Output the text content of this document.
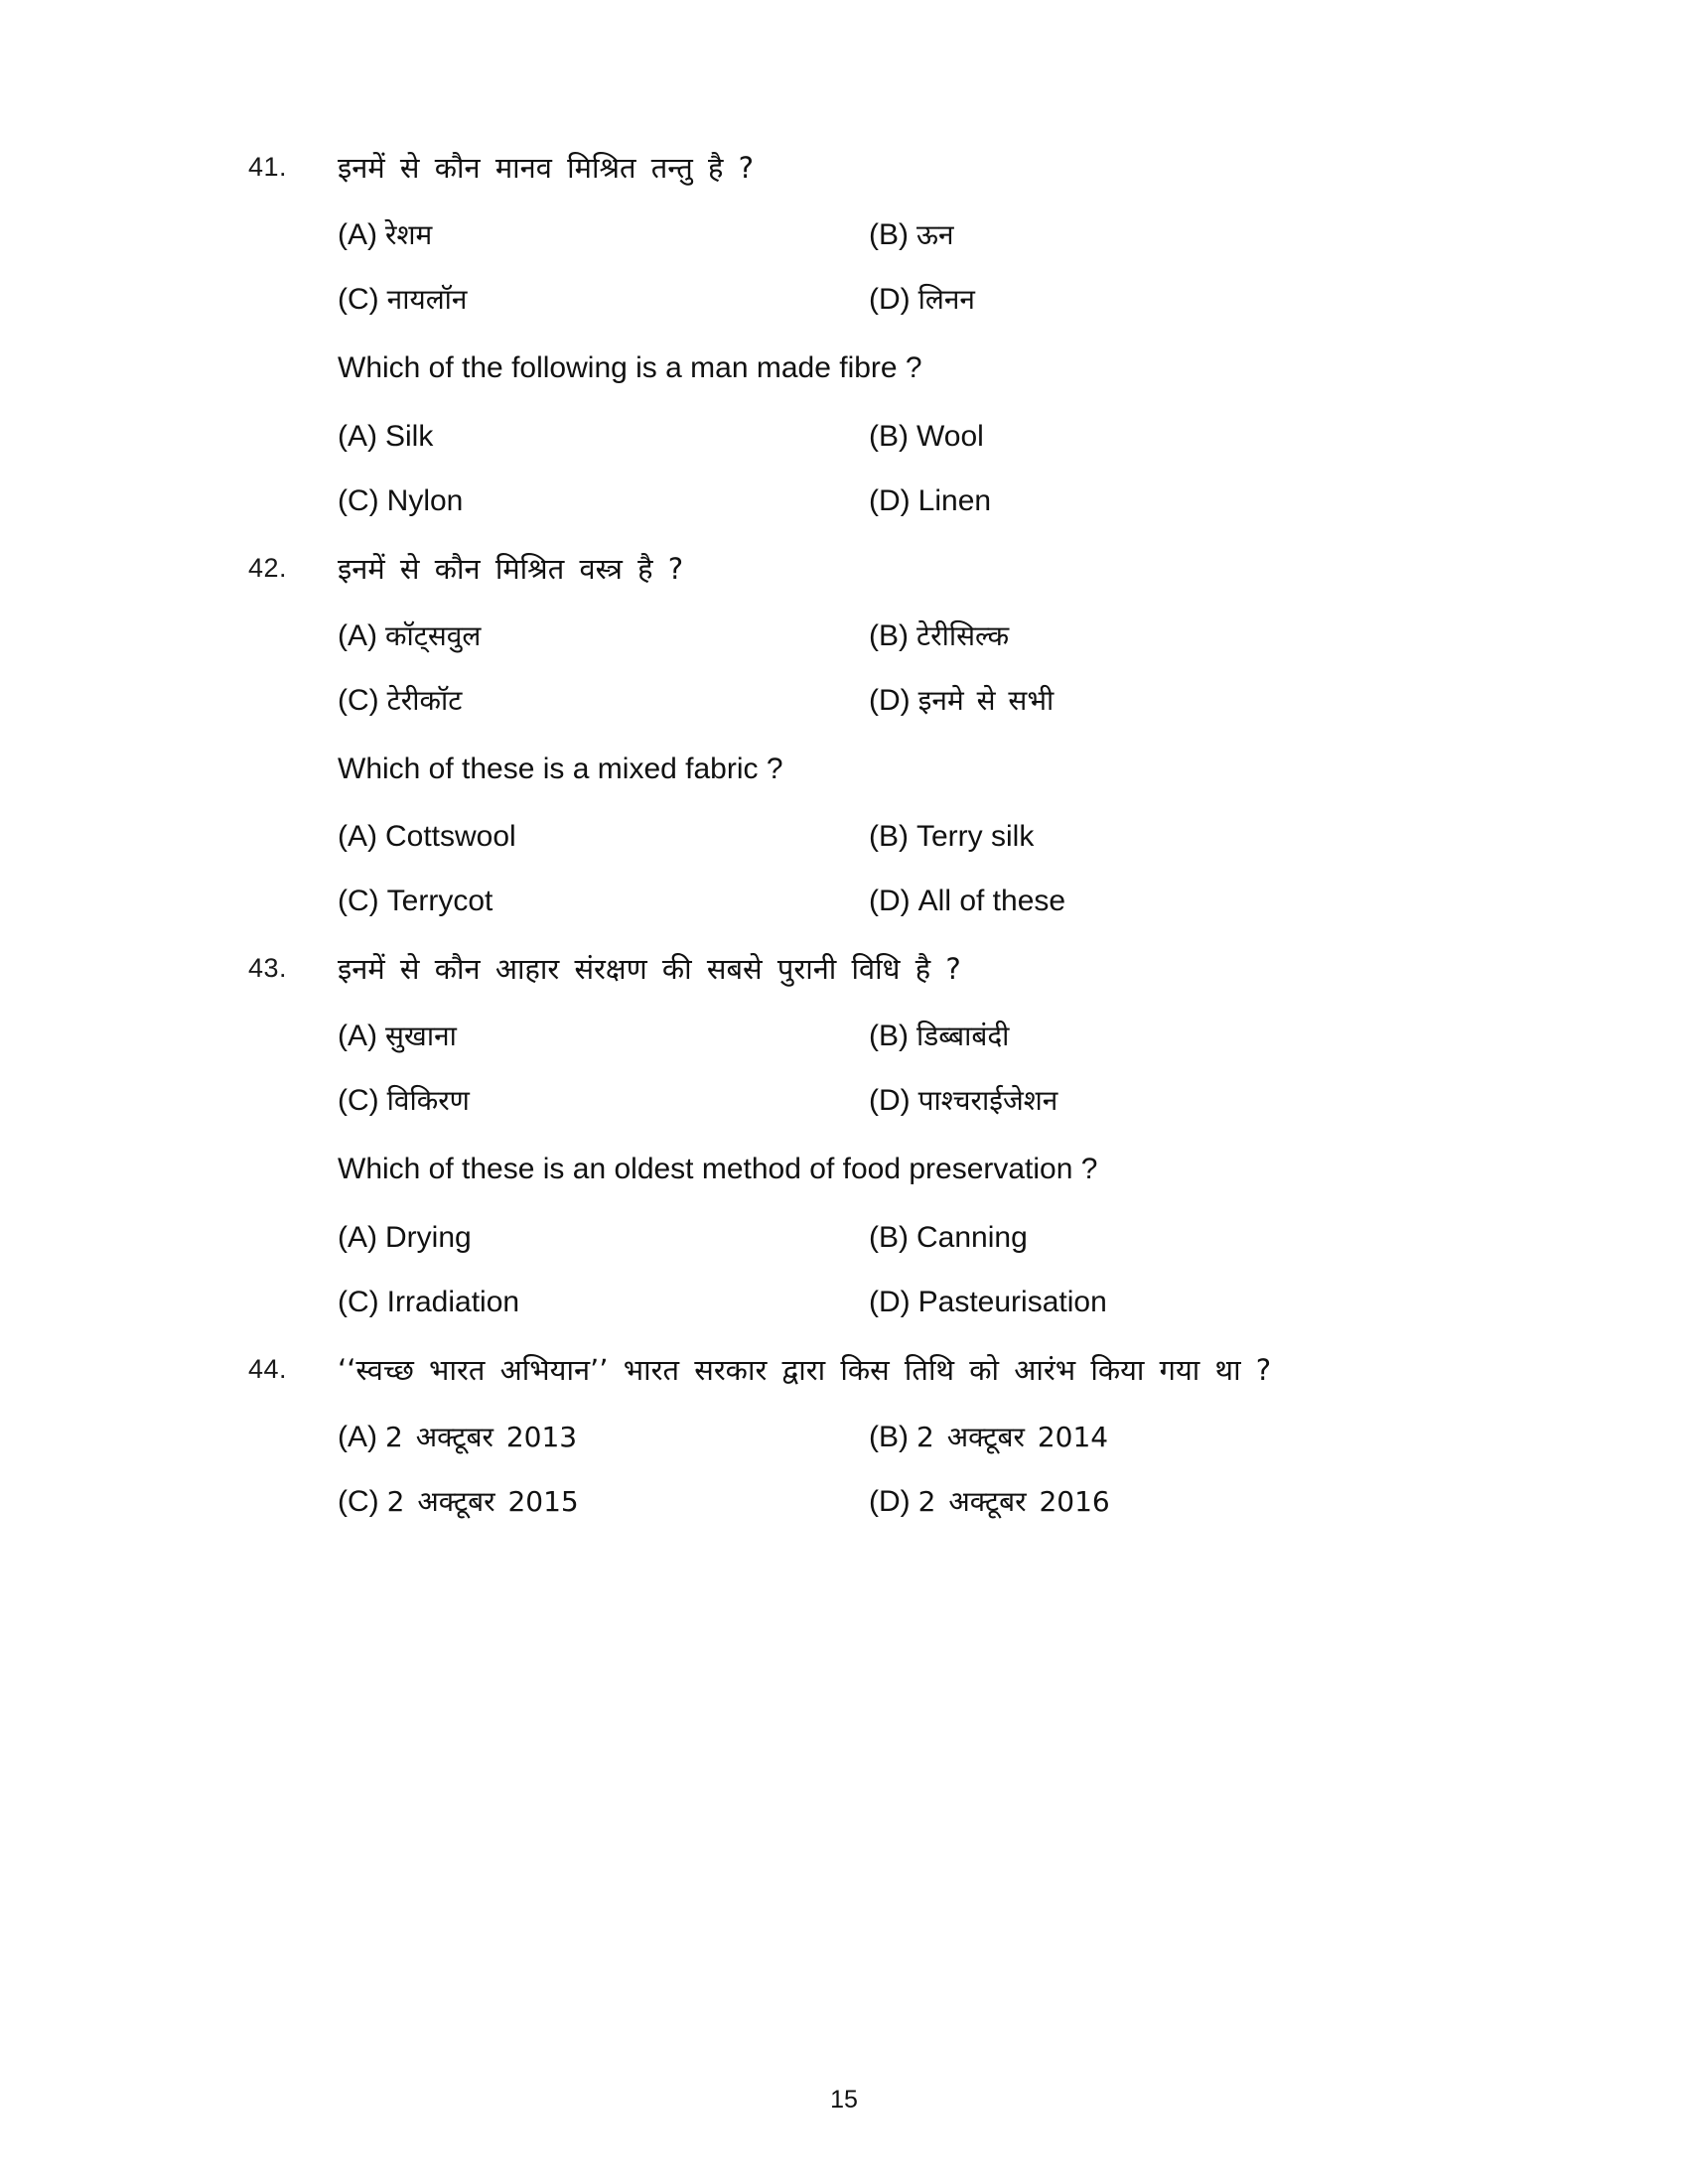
41.	इनमें से कौन मानव मिश्रित तन्तु है ?
(A) रेशम	(B) ऊन
(C) नायलॉन	(D) लिनन
Which of the following is a man made fibre ?
(A) Silk	(B) Wool
(C) Nylon	(D) Linen
42.	इनमें से कौन मिश्रित वस्त्र है ?
(A) कॉट्सवुल	(B) टेरीसिल्क
(C) टेरीकॉट	(D) इनमे से सभी
Which of these is a mixed fabric ?
(A) Cottswool	(B) Terry silk
(C) Terrycot	(D) All of these
43.	इनमें से कौन आहार संरक्षण की सबसे पुरानी विधि है ?
(A) सुखाना	(B) डिब्बाबंदी
(C) विकिरण	(D) पाश्चराईजेशन
Which of these is an oldest method of food preservation ?
(A) Drying	(B) Canning
(C) Irradiation	(D) Pasteurisation
44.	‘‘स्वच्छ भारत अभियान’’ भारत सरकार द्वारा किस तिथि को आरंभ किया गया था ?
(A) 2 अक्टूबर 2013	(B) 2 अक्टूबर 2014
(C) 2 अक्टूबर 2015	(D) 2 अक्टूबर 2016
15
